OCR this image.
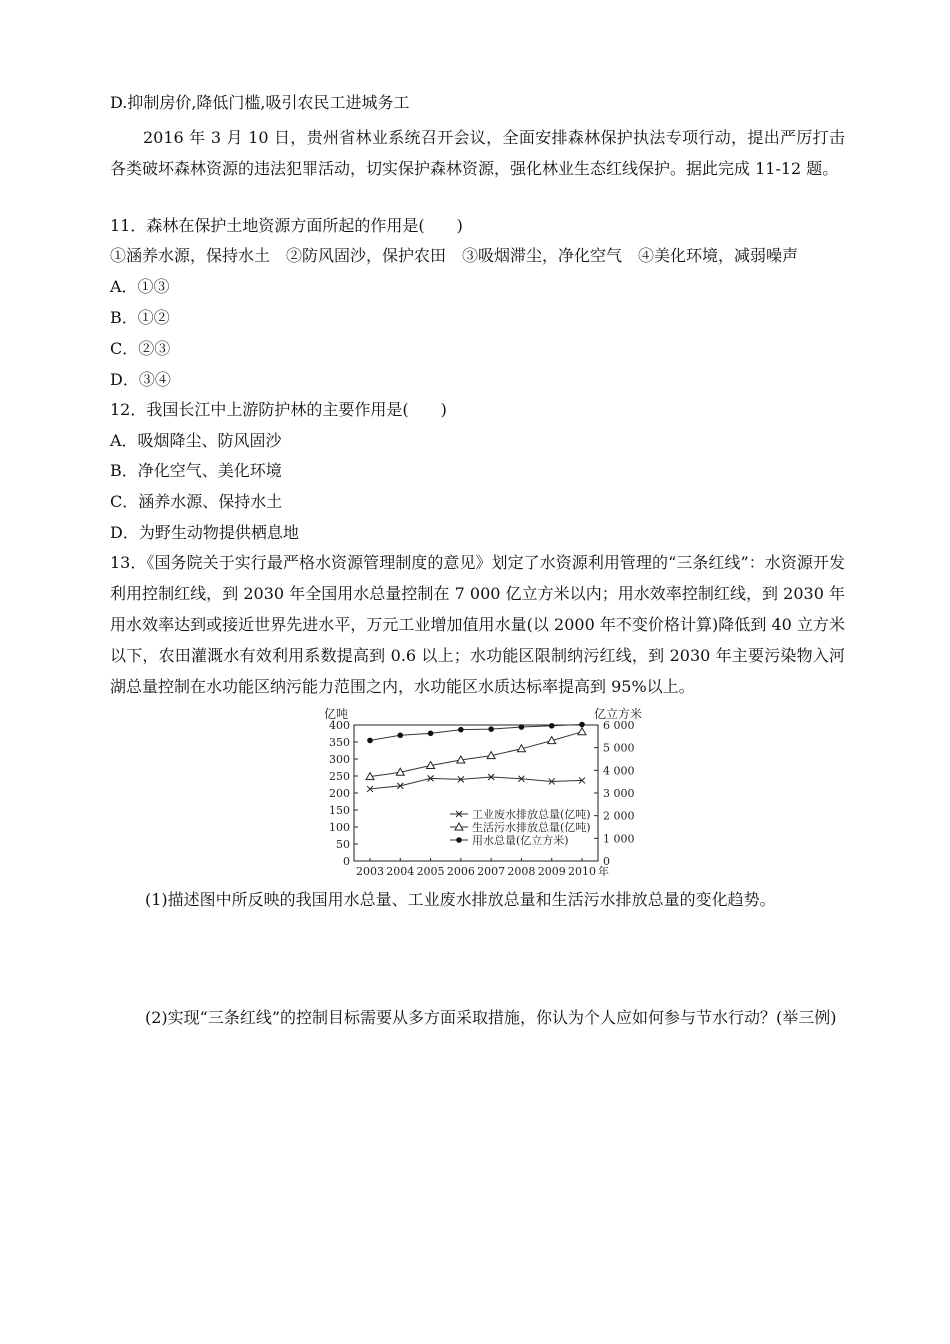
D.抑制房价,降低门槛,吸引农民工进城务工
2016 年 3 月 10 日，贵州省林业系统召开会议，全面安排森林保护执法专项行动，提出严厉打击各类破坏森林资源的违法犯罪活动，切实保护森林资源，强化林业生态红线保护。据此完成 11-12 题。
11．森林在保护土地资源方面所起的作用是(　　)
①涵养水源，保持水土　②防风固沙，保护农田　③吸烟滞尘，净化空气　④美化环境，减弱噪声
A．①③
B．①②
C．②③
D．③④
12．我国长江中上游防护林的主要作用是(　　)
A．吸烟降尘、防风固沙
B．净化空气、美化环境
C．涵养水源、保持水土
D．为野生动物提供栖息地
13．《国务院关于实行最严格水资源管理制度的意见》划定了水资源利用管理的“三条红线”：水资源开发利用控制红线，到 2030 年全国用水总量控制在 7 000 亿立方米以内；用水效率控制红线，到 2030 年用水效率达到或接近世界先进水平，万元工业增加值用水量(以 2000 年不变价格计算)降低到 40 立方米以下，农田灌溉水有效利用系数提高到 0.6 以上；水功能区限制纳污红线，到 2030 年主要污染物入河湖总量控制在水功能区纳污能力范围之内，水功能区水质达标率提高到 95%以上。
0
50
100
150
200
250
300
350
400
0
1 000
2 000
3 000
4 000
5 000
6 000
亿吨	亿立方米
2003 2004 2005 2006 2007 2008 2009 2010 年
工业废水排放总量(亿吨)
生活污水排放总量(亿吨)
用水总量(亿立方米)
(1)描述图中所反映的我国用水总量、工业废水排放总量和生活污水排放总量的变化趋势。
(2)实现“三条红线”的控制目标需要从多方面采取措施，你认为个人应如何参与节水行动？(举三例)
